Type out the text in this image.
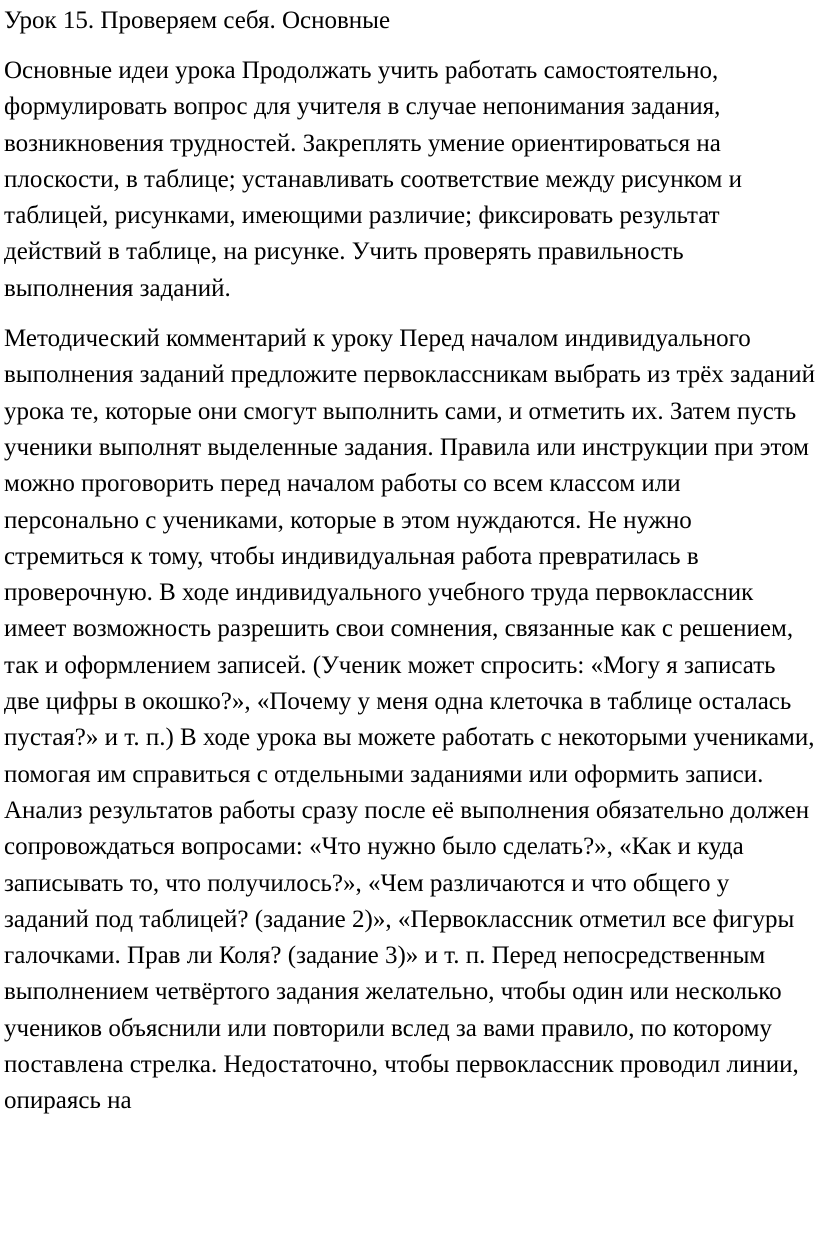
Урок 15. Проверяем себя. Основные

Основные идеи урока Продолжать учить работать самостоятельно, формулировать вопрос для учителя в случае непонимания задания, возникновения трудностей. Закреплять умение ориентироваться на плоскости, в таблице; устанавливать соответствие между рисунком и таблицей, рисунками, имеющими различие; фиксировать результат действий в таблице, на рисунке. Учить проверять правильность выполнения заданий.

Методический комментарий к уроку Перед началом индивидуального выполнения заданий предложите первоклассникам выбрать из трёх заданий урока те, которые они смогут выполнить сами, и отметить их. Затем пусть ученики выполнят выделенные задания. Правила или инструкции при этом можно проговорить перед началом работы со всем классом или персонально с учениками, которые в этом нуждаются. Не нужно стремиться к тому, чтобы индивидуальная работа превратилась в проверочную. В ходе индивидуального учебного труда первоклассник имеет возможность разрешить свои сомнения, связанные как с решением, так и оформлением записей. (Ученик может спросить: «Могу я записать две цифры в окошко?», «Почему у меня одна клеточка в таблице осталась пустая?» и т. п.) В ходе урока вы можете работать с некоторыми учениками, помогая им справиться с отдельными заданиями или оформить записи. Анализ результатов работы сразу после её выполнения обязательно должен сопровождаться вопросами: «Что нужно было сделать?», «Как и куда записывать то, что получилось?», «Чем различаются и что общего у заданий под таблицей? (задание 2)», «Первоклассник отметил все фигуры галочками. Прав ли Коля? (задание 3)» и т. п. Перед непосредственным выполнением четвёртого задания желательно, чтобы один или несколько учеников объяснили или повторили вслед за вами правило, по которому поставлена стрелка. Недостаточно, чтобы первоклассник проводил линии, опираясь на
